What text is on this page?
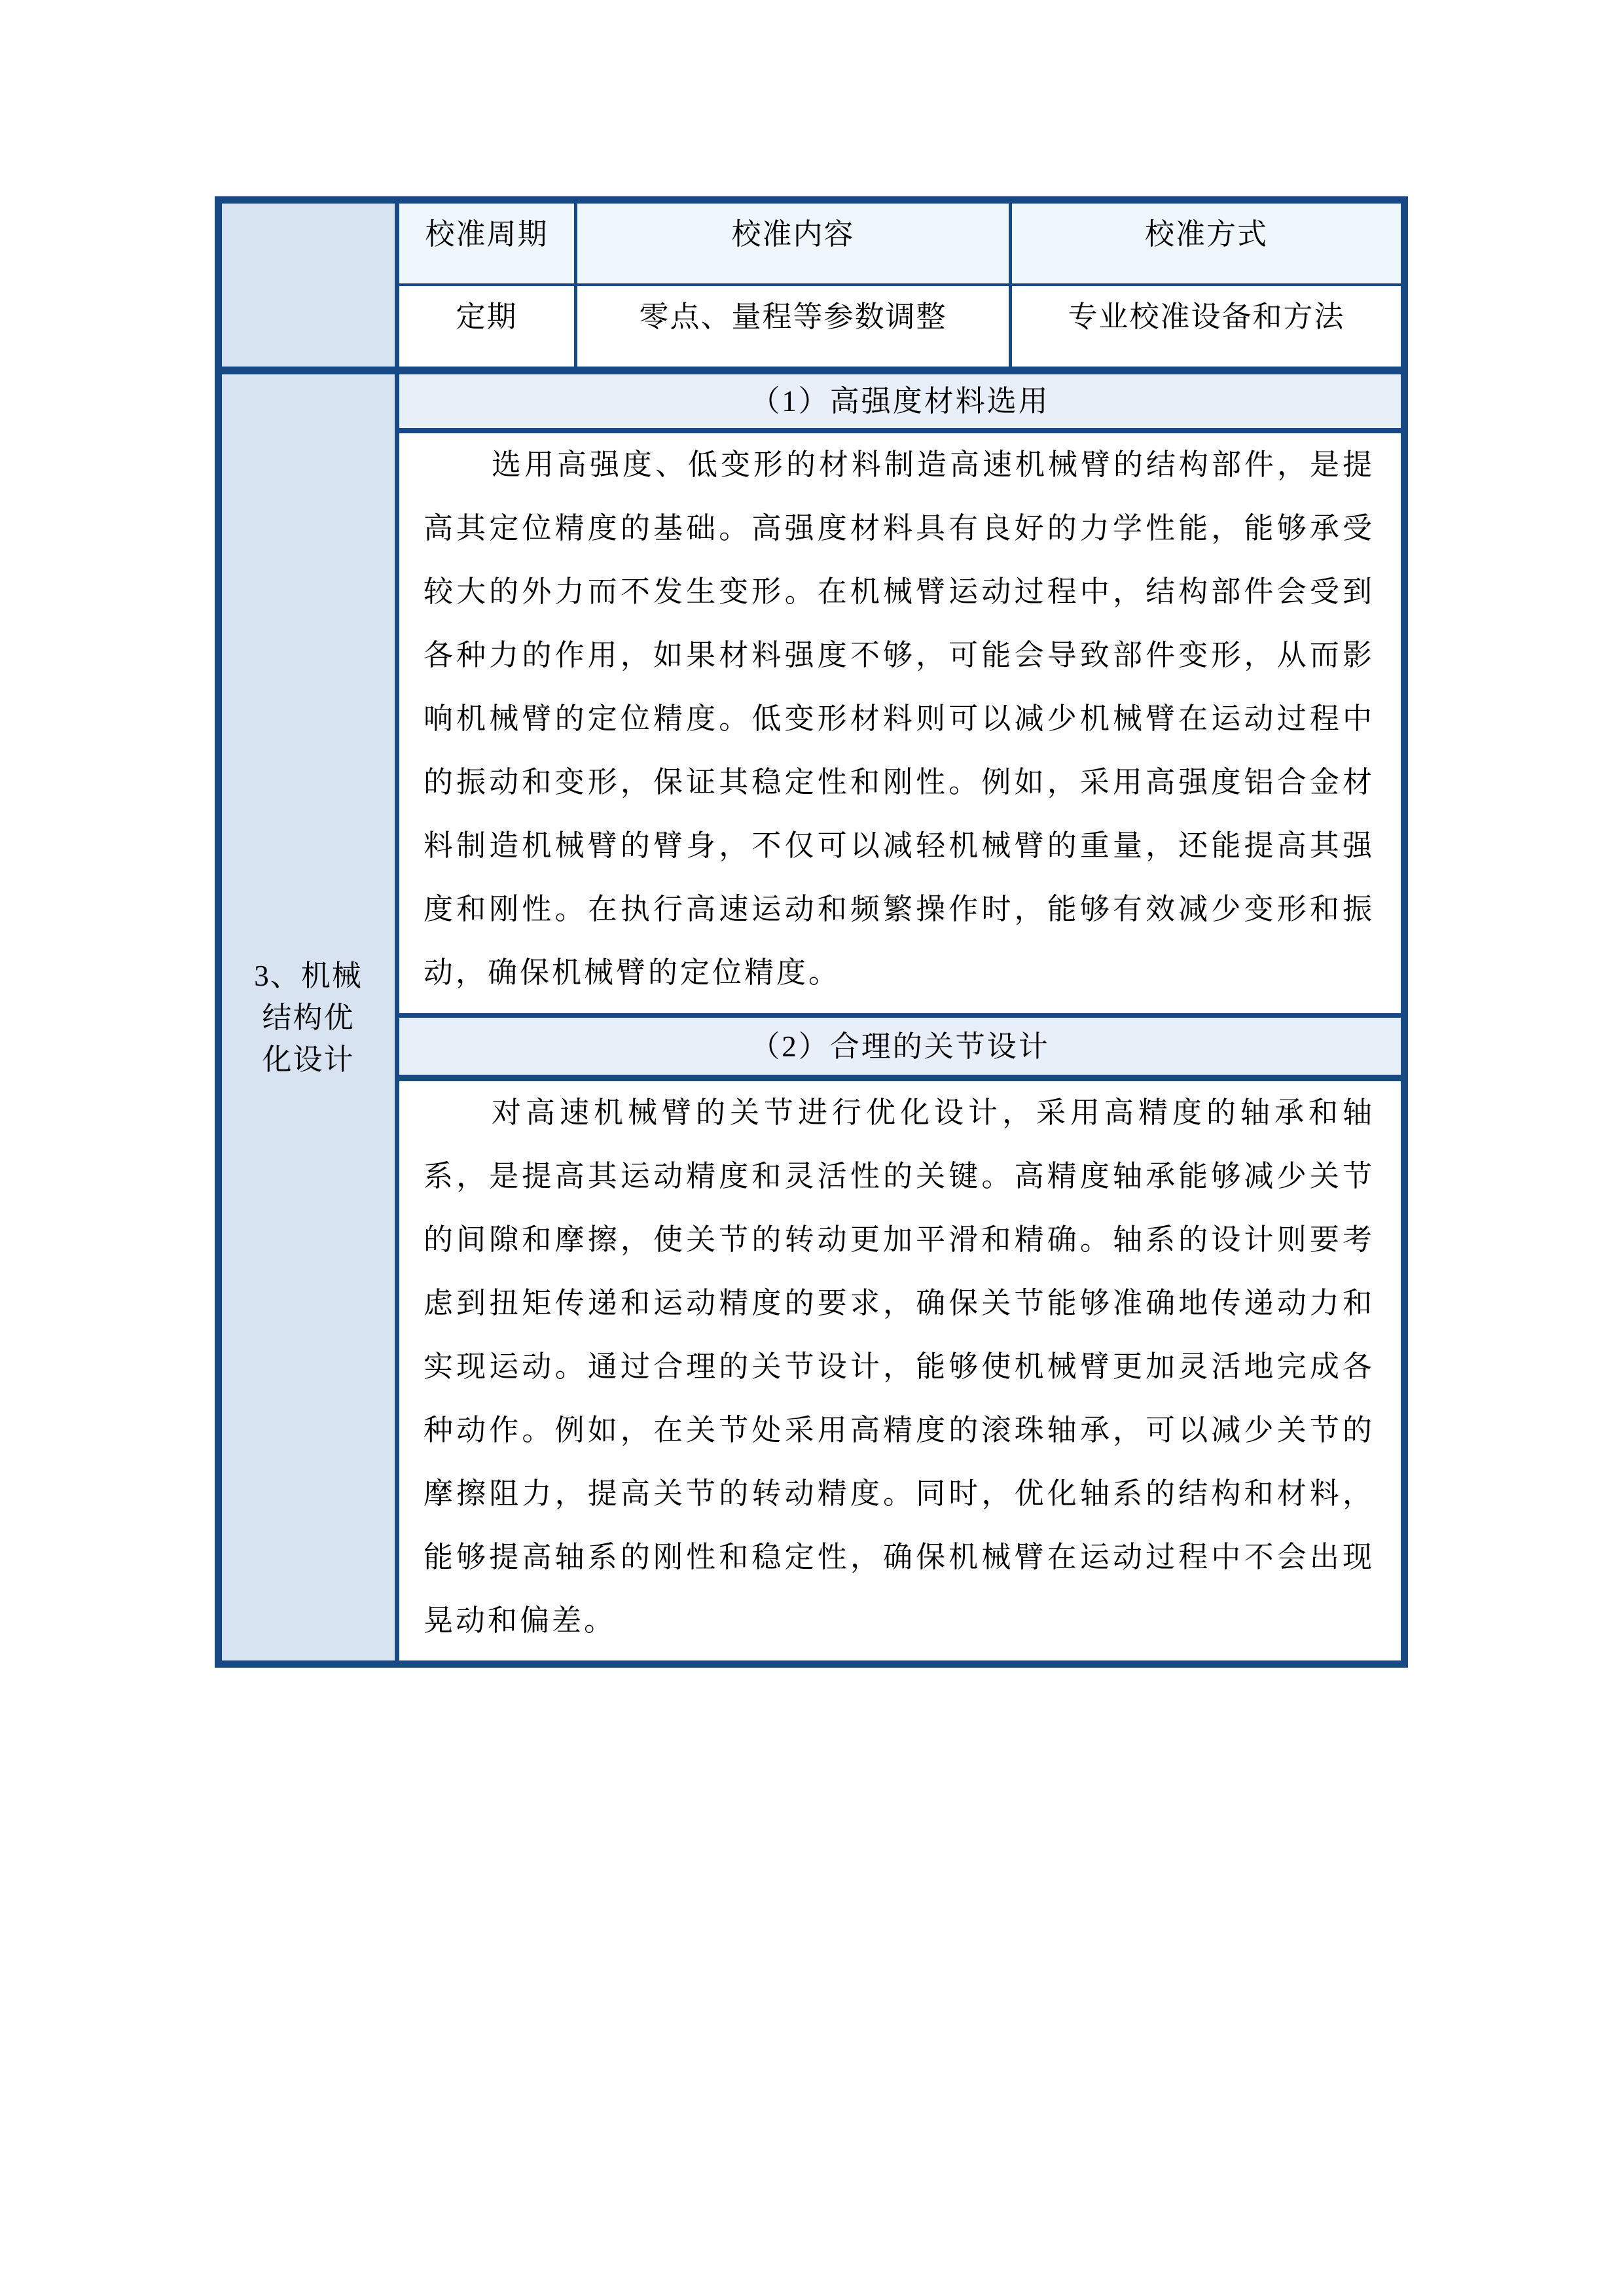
校准周期	校准内容	校准方式
定期	零点、量程等参数调整	专业校准设备和方法
3、机械结构优化设计
（1）高强度材料选用
选用高强度、低变形的材料制造高速机械臂的结构部件，是提高其定位精度的基础。高强度材料具有良好的力学性能，能够承受较大的外力而不发生变形。在机械臂运动过程中，结构部件会受到各种力的作用，如果材料强度不够，可能会导致部件变形，从而影响机械臂的定位精度。低变形材料则可以减少机械臂在运动过程中的振动和变形，保证其稳定性和刚性。例如，采用高强度铝合金材料制造机械臂的臂身，不仅可以减轻机械臂的重量，还能提高其强度和刚性。在执行高速运动和频繁操作时，能够有效减少变形和振动，确保机械臂的定位精度。
（2）合理的关节设计
对高速机械臂的关节进行优化设计，采用高精度的轴承和轴系，是提高其运动精度和灵活性的关键。高精度轴承能够减少关节的间隙和摩擦，使关节的转动更加平滑和精确。轴系的设计则要考虑到扭矩传递和运动精度的要求，确保关节能够准确地传递动力和实现运动。通过合理的关节设计，能够使机械臂更加灵活地完成各种动作。例如，在关节处采用高精度的滚珠轴承，可以减少关节的摩擦阻力，提高关节的转动精度。同时，优化轴系的结构和材料，能够提高轴系的刚性和稳定性，确保机械臂在运动过程中不会出现晃动和偏差。
